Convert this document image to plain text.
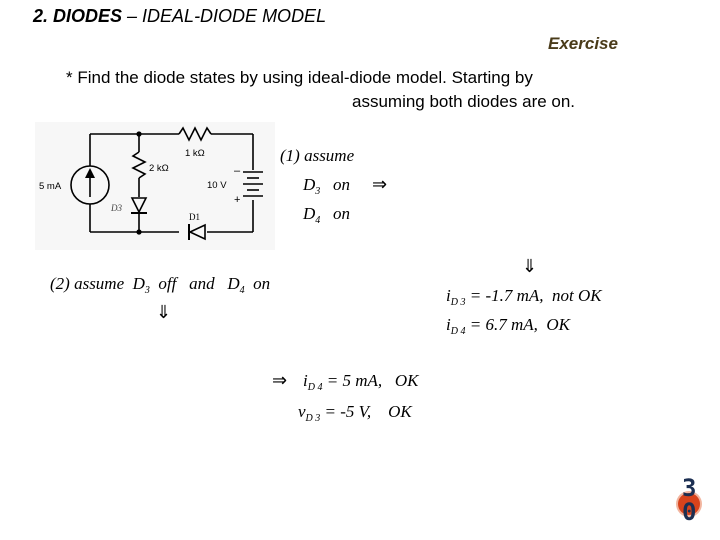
2. DIODES – IDEAL-DIODE MODEL
Exercise
* Find the diode states by using ideal-diode model. Starting by
assuming both diodes are on.
5 mA
1 kΩ
2 kΩ
10 V
–
+
D3
D1
(1) assume
$D_3$ on ⇒
$D_4$ on
⇓
$i_{D 3} = -1.7$ mA, not OK
$i_{D 4} = 6.7$ mA, OK
(2) assume $D_3$ off and $D_4$ on
⇓
⇒ $i_{D 4} = 5$ mA, OK
$v_{D 3} = -5$ V, OK
30
